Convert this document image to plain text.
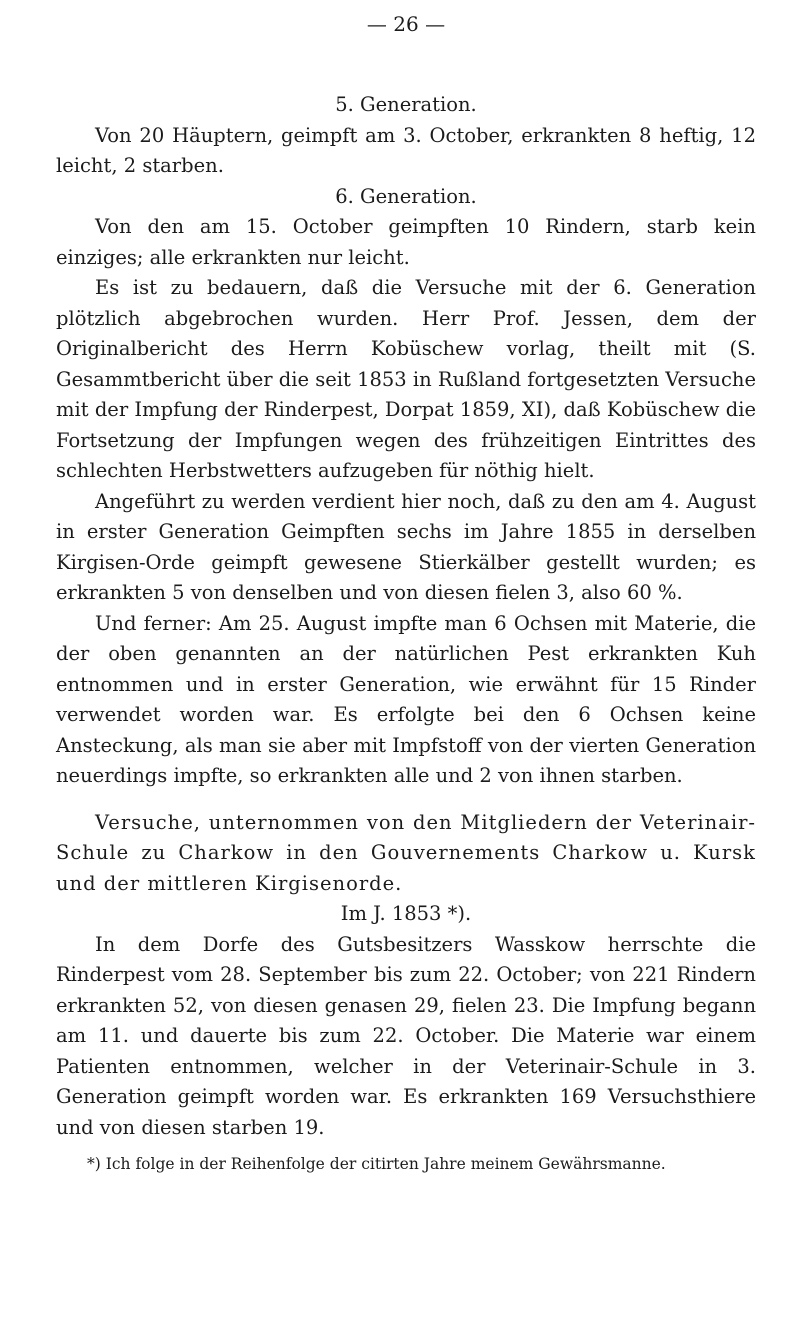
— 26 —

5. Generation.

Von 20 Häuptern, geimpft am 3. October, erkrankten 8 heftig, 12 leicht, 2 starben.

6. Generation.

Von den am 15. October geimpften 10 Rindern, starb kein einziges; alle erkrankten nur leicht.

Es ist zu bedauern, daß die Versuche mit der 6. Generation plötzlich abgebrochen wurden. Herr Prof. Jessen, dem der Originalbericht des Herrn Kobüschew vorlag, theilt mit (S. Gesammtbericht über die seit 1853 in Rußland fortgesetzten Versuche mit der Impfung der Rinderpest, Dorpat 1859, XI), daß Kobüschew die Fortsetzung der Impfungen wegen des frühzeitigen Eintrittes des schlechten Herbstwetters aufzugeben für nöthig hielt.

Angeführt zu werden verdient hier noch, daß zu den am 4. August in erster Generation Geimpften sechs im Jahre 1855 in derselben Kirgisen-Orde geimpft gewesene Stierkälber gestellt wurden; es erkrankten 5 von denselben und von diesen fielen 3, also 60 %.

Und ferner: Am 25. August impfte man 6 Ochsen mit Materie, die der oben genannten an der natürlichen Pest erkrankten Kuh entnommen und in erster Generation, wie erwähnt für 15 Rinder verwendet worden war. Es erfolgte bei den 6 Ochsen keine Ansteckung, als man sie aber mit Impfstoff von der vierten Generation neuerdings impfte, so erkrankten alle und 2 von ihnen starben.

Versuche, unternommen von den Mitgliedern der Veterinair-Schule zu Charkow in den Gouvernements Charkow u. Kursk und der mittleren Kirgisenorde.

Im J. 1853 *).

In dem Dorfe des Gutsbesitzers Wasskow herrschte die Rinderpest vom 28. September bis zum 22. October; von 221 Rindern erkrankten 52, von diesen genasen 29, fielen 23. Die Impfung begann am 11. und dauerte bis zum 22. October. Die Materie war einem Patienten entnommen, welcher in der Veterinair-Schule in 3. Generation geimpft worden war. Es erkrankten 169 Versuchsthiere und von diesen starben 19.

*) Ich folge in der Reihenfolge der citirten Jahre meinem Gewährsmanne.
